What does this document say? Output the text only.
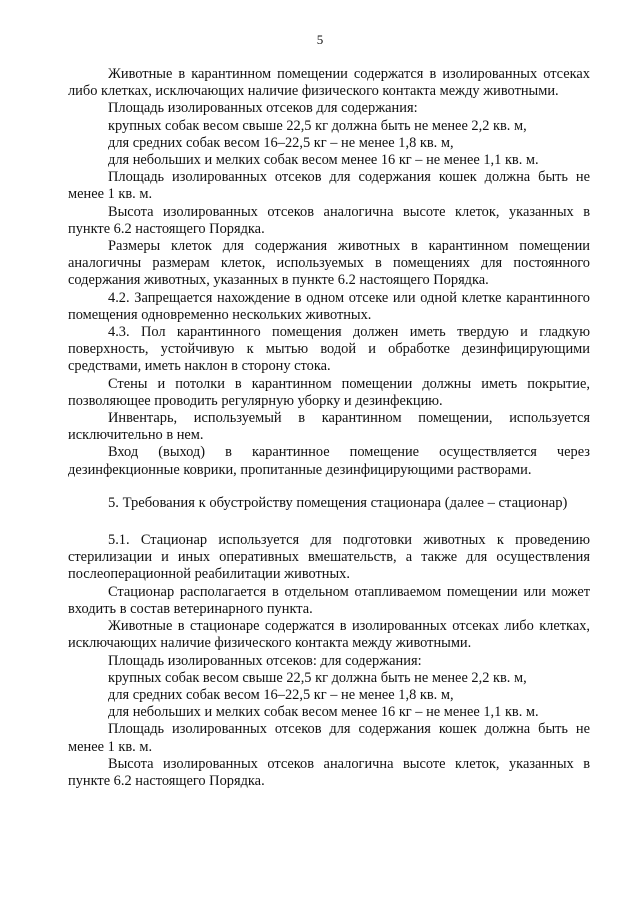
5

Животные в карантинном помещении содержатся в изолированных отсеках либо клетках, исключающих наличие физического контакта между животными.

Площадь изолированных отсеков для содержания:

крупных собак весом свыше 22,5 кг должна быть не менее 2,2 кв. м,

для средних собак весом 16–22,5 кг – не менее 1,8 кв. м,

для небольших и мелких собак весом менее 16 кг – не менее 1,1 кв. м.

Площадь изолированных отсеков для содержания кошек должна быть не менее 1 кв. м.

Высота изолированных отсеков аналогична высоте клеток, указанных в пункте 6.2 настоящего Порядка.

Размеры клеток для содержания животных в карантинном помещении аналогичны размерам клеток, используемых в помещениях для постоянного содержания животных, указанных в пункте 6.2 настоящего Порядка.

4.2. Запрещается нахождение в одном отсеке или одной клетке карантинного помещения одновременно нескольких животных.

4.3. Пол карантинного помещения должен иметь твердую и гладкую поверхность, устойчивую к мытью водой и обработке дезинфицирующими средствами, иметь наклон в сторону стока.

Стены и потолки в карантинном помещении должны иметь покрытие, позволяющее проводить регулярную уборку и дезинфекцию.

Инвентарь, используемый в карантинном помещении, используется исключительно в нем.

Вход (выход) в карантинное помещение осуществляется через дезинфекционные коврики, пропитанные дезинфицирующими растворами.

5. Требования к обустройству помещения стационара (далее – стационар)

5.1. Стационар используется для подготовки животных к проведению стерилизации и иных оперативных вмешательств, а также для осуществления послеоперационной реабилитации животных.

Стационар располагается в отдельном отапливаемом помещении или может входить в состав ветеринарного пункта.

Животные в стационаре содержатся в изолированных отсеках либо клетках, исключающих наличие физического контакта между животными.

Площадь изолированных отсеков: для содержания:

крупных собак весом свыше 22,5 кг должна быть не менее 2,2 кв. м,

для средних собак весом 16–22,5 кг – не менее 1,8 кв. м,

для небольших и мелких собак весом менее 16 кг – не менее 1,1 кв. м.

Площадь изолированных отсеков для содержания кошек должна быть не менее 1 кв. м.

Высота изолированных отсеков аналогична высоте клеток, указанных в пункте 6.2 настоящего Порядка.
